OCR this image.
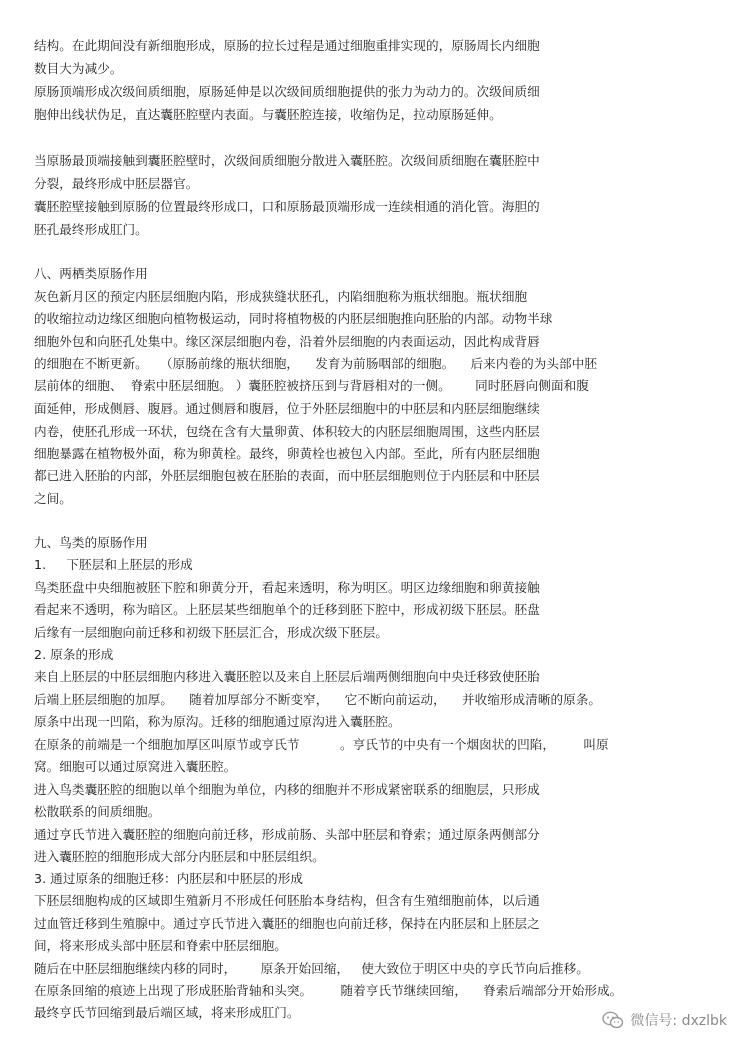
结构。在此期间没有新细胞形成，原肠的拉长过程是通过细胞重排实现的，原肠周长内细胞
数目大为减少。
原肠顶端形成次级间质细胞，原肠延伸是以次级间质细胞提供的张力为动力的。次级间质细
胞伸出线状伪足，直达囊胚腔壁内表面。与囊胚腔连接，收缩伪足，拉动原肠延伸。
当原肠最顶端接触到囊胚腔壁时，次级间质细胞分散进入囊胚腔。次级间质细胞在囊胚腔中
分裂，最终形成中胚层器官。
囊胚腔壁接触到原肠的位置最终形成口，口和原肠最顶端形成一连续相通的消化管。海胆的
胚孔最终形成肛门。
八、两栖类原肠作用
灰色新月区的预定内胚层细胞内陷，形成狭缝状胚孔，内陷细胞称为瓶状细胞。瓶状细胞
的收缩拉动边缘区细胞向植物极运动，同时将植物极的内胚层细胞推向胚胎的内部。动物半球
细胞外包和向胚孔处集中。缘区深层细胞内卷，沿着外层细胞的内表面运动，因此构成背唇
的细胞在不断更新。   （原肠前缘的瓶状细胞，    发育为前肠咽部的细胞。    后来内卷的为头部中胚
层前体的细胞、  脊索中胚层细胞。 ）囊胚腔被挤压到与背唇相对的一侧。      同时胚唇向侧面和腹
面延伸，形成侧唇、腹唇。通过侧唇和腹唇，位于外胚层细胞中的中胚层和内胚层细胞继续
内卷，使胚孔形成一环状，包绕在含有大量卵黄、体积较大的内胚层细胞周围，这些内胚层
细胞暴露在植物极外面，称为卵黄栓。最终，卵黄栓也被包入内部。至此，所有内胚层细胞
都已进入胚胎的内部，外胚层细胞包被在胚胎的表面，而中胚层细胞则位于内胚层和中胚层
之间。
九、鸟类的原肠作用
1.     下胚层和上胚层的形成
鸟类胚盘中央细胞被胚下腔和卵黄分开，看起来透明，称为明区。明区边缘细胞和卵黄接触
看起来不透明，称为暗区。上胚层某些细胞单个的迁移到胚下腔中，形成初级下胚层。胚盘
后缘有一层细胞向前迁移和初级下胚层汇合，形成次级下胚层。
2. 原条的形成
来自上胚层的中胚层细胞内移进入囊胚腔以及来自上胚层后端两侧细胞向中央迁移致使胚胎
后端上胚层细胞的加厚。    随着加厚部分不断变窄，    它不断向前运动，    并收缩形成清晰的原条。
原条中出现一凹陷，称为原沟。迁移的细胞通过原沟进入囊胚腔。
在原条的前端是一个细胞加厚区叫原节或亨氏节          。亨氏节的中央有一个烟囱状的凹陷，       叫原
窝。细胞可以通过原窝进入囊胚腔。
进入鸟类囊胚腔的细胞以单个细胞为单位，内移的细胞并不形成紧密联系的细胞层，只形成
松散联系的间质细胞。
通过亨氏节进入囊胚腔的细胞向前迁移，形成前肠、头部中胚层和脊索；通过原条两侧部分
进入囊胚腔的细胞形成大部分内胚层和中胚层组织。
3. 通过原条的细胞迁移：内胚层和中胚层的形成
下胚层细胞构成的区域即生殖新月不形成任何胚胎本身结构，但含有生殖细胞前体，以后通
过血管迁移到生殖腺中。通过亨氏节进入囊胚的细胞也向前迁移，保持在内胚层和上胚层之
间，将来形成头部中胚层和脊索中胚层细胞。
随后在中胚层细胞继续内移的同时，      原条开始回缩，   使大致位于明区中央的亨氏节向后推移。
在原条回缩的痕迹上出现了形成胚胎背轴和头突。       随着亨氏节继续回缩，    脊索后端部分开始形成。
最终亨氏节回缩到最后端区域，将来形成肛门。
微信号: dxzlbk
